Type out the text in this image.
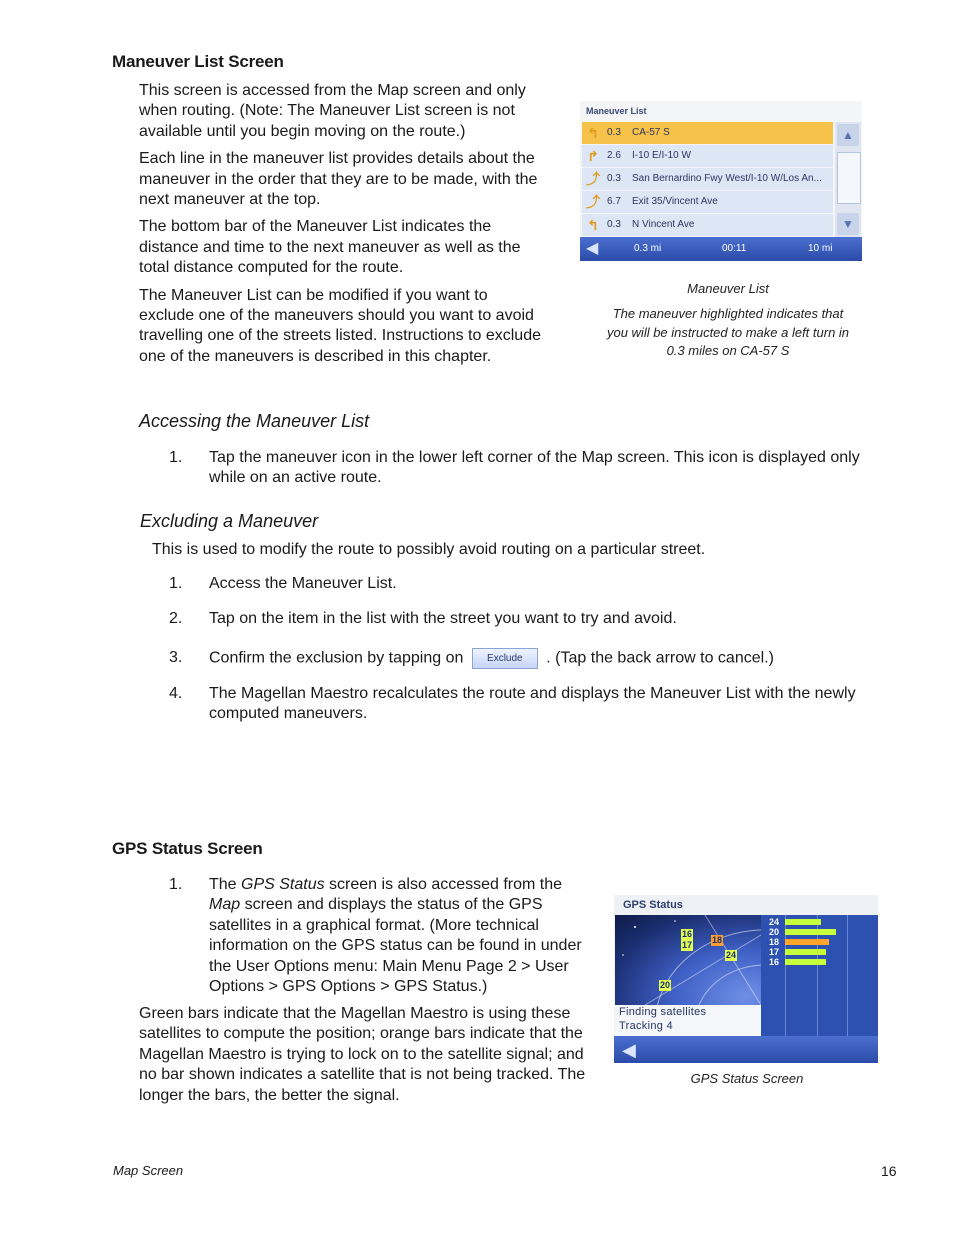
Maneuver List Screen

This screen is accessed from the Map screen and only when routing. (Note: The Maneuver List screen is not available until you begin moving on the route.)

Each line in the maneuver list provides details about the maneuver in the order that they are to be made, with the next maneuver at the top.

The bottom bar of the Maneuver List indicates the distance and time to the next maneuver as well as the total distance computed for the route.

The Maneuver List can be modified if you want to exclude one of the maneuvers should you want to avoid travelling one of the streets listed. Instructions to exclude one of the maneuvers is described in this chapter.

Maneuver List
↰ 0.3 CA-57 S
↱ 2.6 I-10 E/I-10 W
⤴ 0.3 San Bernardino Fwy West/I-10 W/Los An...
⤴ 6.7 Exit 35/Vincent Ave
↰ 0.3 N Vincent Ave
▲
▼
◀	0.3 mi	00:11	10 mi
Maneuver List
The maneuver highlighted indicates that you will be instructed to make a left turn in 0.3 miles on CA-57 S
Accessing the Maneuver List
1.	Tap the maneuver icon in the lower left corner of the Map screen. This icon is displayed only while on an active route.
Excluding a Maneuver
This is used to modify the route to possibly avoid routing on a particular street.
1.	Access the Maneuver List.
2.	Tap on the item in the list with the street you want to try and avoid.
3.	Confirm the exclusion by tapping on Exclude . (Tap the back arrow to cancel.)
4.	The Magellan Maestro recalculates the route and displays the Maneuver List with the newly computed maneuvers.
GPS Status Screen
1.	The GPS Status screen is also accessed from the Map screen and displays the status of the GPS satellites in a graphical format. (More technical information on the GPS status can be found in under the User Options menu: Main Menu Page 2 > User Options > GPS Options > GPS Status.)
Green bars indicate that the Magellan Maestro is using these satellites to compute the position; orange bars indicate that the Magellan Maestro is trying to lock on to the satellite signal; and no bar shown indicates a satellite that is not being tracked. The longer the bars, the better the signal.
GPS Status
16
17 18
24
20
24
20
18
17
16
Finding satellites
Tracking 4
◀
GPS Status Screen
Map Screen	16
